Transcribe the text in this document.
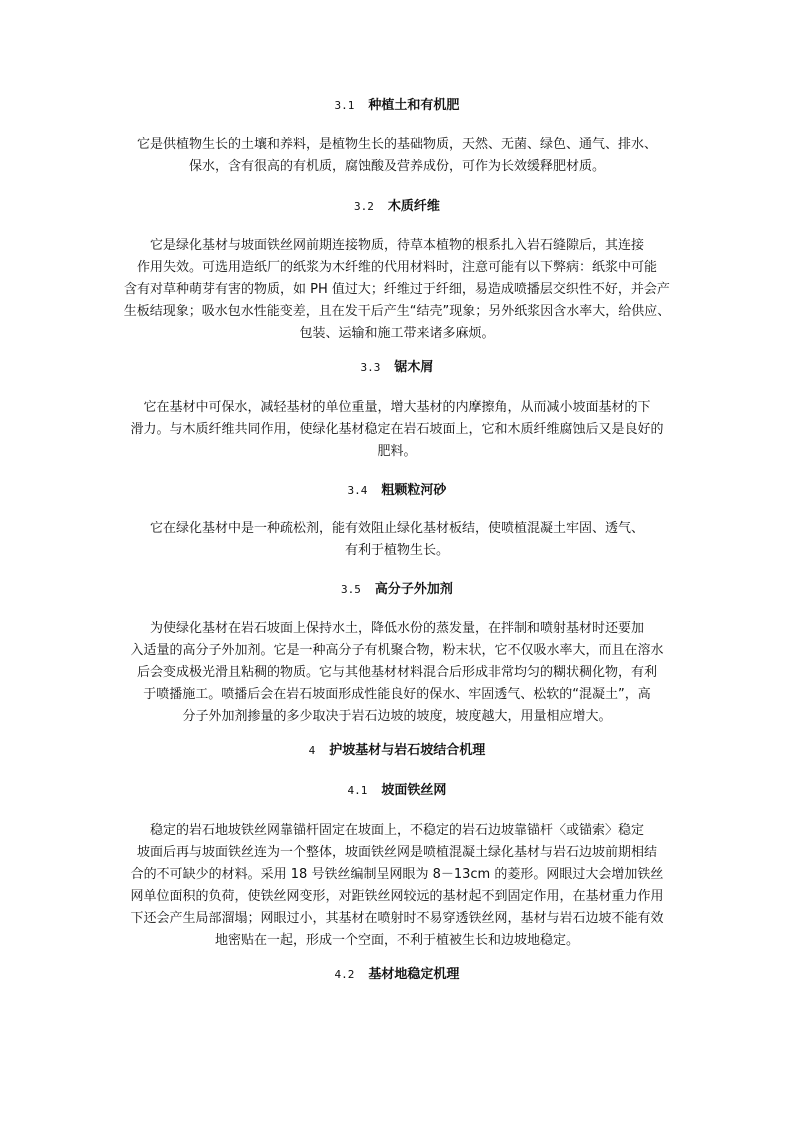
3.1 种植土和有机肥
它是供植物生长的土壤和养料，是植物生长的基础物质，天然、无菌、绿色、通气、排水、
保水，含有很高的有机质，腐蚀酸及营养成份，可作为长效缓释肥材质。
3.2 木质纤维
它是绿化基材与坡面铁丝网前期连接物质，待草本植物的根系扎入岩石缝隙后，其连接
作用失效。可选用造纸厂的纸浆为木纤维的代用材料时，注意可能有以下弊病：纸浆中可能
含有对草种萌芽有害的物质，如 PH 值过大；纤维过于纤细，易造成喷播层交织性不好，并会产
生板结现象；吸水包水性能变差，且在发干后产生“结壳”现象；另外纸浆因含水率大，给供应、
包装、运输和施工带来诸多麻烦。
3.3 锯木屑
它在基材中可保水，减轻基材的单位重量，增大基材的内摩擦角，从而减小坡面基材的下
滑力。与木质纤维共同作用，使绿化基材稳定在岩石坡面上，它和木质纤维腐蚀后又是良好的
肥料。
3.4 粗颗粒河砂
它在绿化基材中是一种疏松剂，能有效阻止绿化基材板结，使喷植混凝土牢固、透气、
有利于植物生长。
3.5 高分子外加剂
为使绿化基材在岩石坡面上保持水土，降低水份的蒸发量，在拌制和喷射基材时还要加
入适量的高分子外加剂。它是一种高分子有机聚合物，粉末状，它不仅吸水率大，而且在溶水
后会变成极光滑且粘稠的物质。它与其他基材材料混合后形成非常均匀的糊状稠化物，有利
于喷播施工。喷播后会在岩石坡面形成性能良好的保水、牢固透气、松软的“混凝土”，高
分子外加剂掺量的多少取决于岩石边坡的坡度，坡度越大，用量相应增大。
4 护坡基材与岩石坡结合机理
4.1 坡面铁丝网
稳定的岩石地坡铁丝网靠锚杆固定在坡面上，不稳定的岩石边坡靠锚杆〈或锚索〉稳定
坡面后再与坡面铁丝连为一个整体，坡面铁丝网是喷植混凝土绿化基材与岩石边坡前期相结
合的不可缺少的材料。采用 18 号铁丝编制呈网眼为 8－13cm 的菱形。网眼过大会增加铁丝
网单位面积的负荷，使铁丝网变形，对距铁丝网较远的基材起不到固定作用，在基材重力作用
下还会产生局部溜塌；网眼过小，其基材在喷射时不易穿透铁丝网，基材与岩石边坡不能有效
地密贴在一起，形成一个空面，不利于植被生长和边坡地稳定。
4.2 基材地稳定机理
